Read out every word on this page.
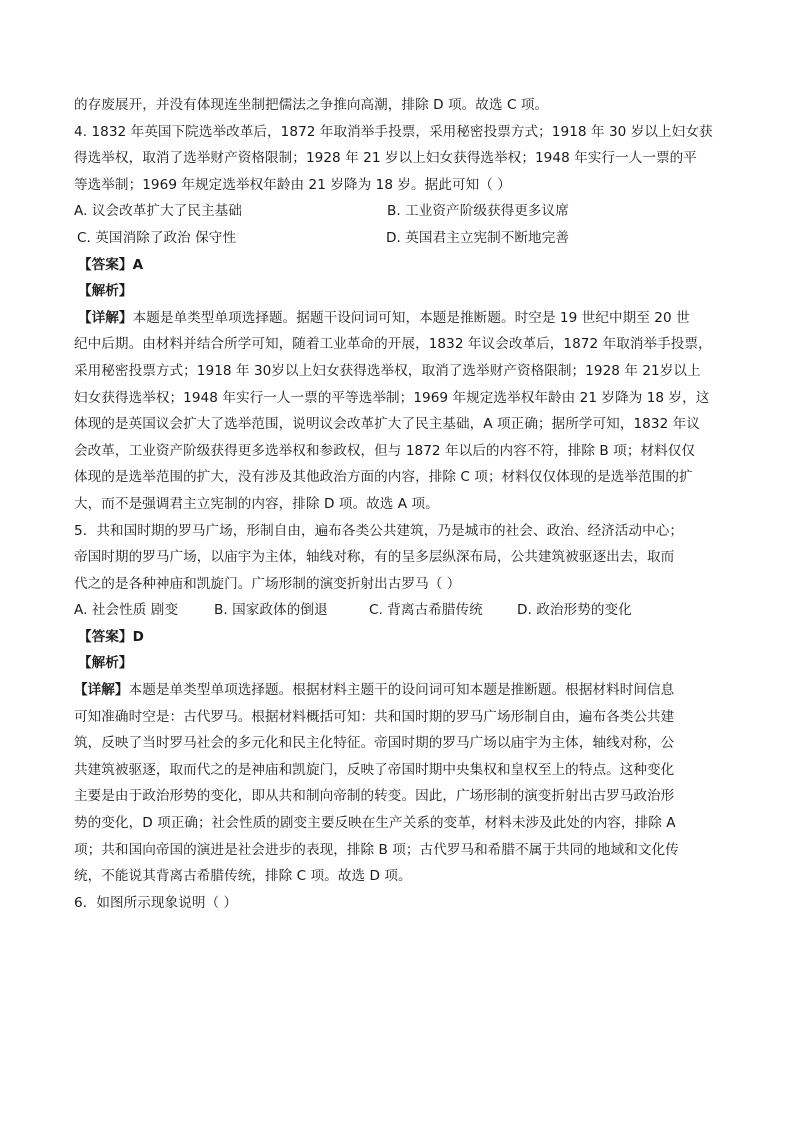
的存废展开，并没有体现连坐制把儒法之争推向高潮，排除 D 项。故选 C 项。
4. 1832 年英国下院选举改革后，1872 年取消举手投票，采用秘密投票方式；1918 年 30 岁以上妇女获
得选举权，取消了选举财产资格限制；1928 年 21 岁以上妇女获得选举权；1948 年实行一人一票的平
等选举制；1969 年规定选举权年龄由 21 岁降为 18 岁。据此可知（ ）
A. 议会改革扩大了民主基础	B. 工业资产阶级获得更多议席
C. 英国消除了政治 保守性	D. 英国君主立宪制不断地完善
【答案】A
【解析】
【详解】本题是单类型单项选择题。据题干设问词可知，本题是推断题。时空是 19 世纪中期至 20 世
纪中后期。由材料并结合所学可知，随着工业革命的开展，1832 年议会改革后，1872 年取消举手投票，
采用秘密投票方式；1918 年 30岁以上妇女获得选举权，取消了选举财产资格限制；1928 年 21岁以上
妇女获得选举权；1948 年实行一人一票的平等选举制；1969 年规定选举权年龄由 21 岁降为 18 岁，这
体现的是英国议会扩大了选举范围，说明议会改革扩大了民主基础，A 项正确；据所学可知，1832 年议
会改革，工业资产阶级获得更多选举权和参政权，但与 1872 年以后的内容不符，排除 B 项；材料仅仅
体现的是选举范围的扩大，没有涉及其他政治方面的内容，排除 C 项；材料仅仅体现的是选举范围的扩
大，而不是强调君主立宪制的内容，排除 D 项。故选 A 项。
5．共和国时期的罗马广场，形制自由，遍布各类公共建筑，乃是城市的社会、政治、经济活动中心；
帝国时期的罗马广场，以庙宇为主体，轴线对称，有的呈多层纵深布局，公共建筑被驱逐出去，取而
代之的是各种神庙和凯旋门。广场形制的演变折射出古罗马（ ）
A. 社会性质 剧变	B. 国家政体的倒退	C. 背离古希腊传统	D. 政治形势的变化
【答案】D
【解析】
【详解】本题是单类型单项选择题。根据材料主题干的设问词可知本题是推断题。根据材料时间信息
可知准确时空是：古代罗马。根据材料概括可知：共和国时期的罗马广场形制自由，遍布各类公共建
筑，反映了当时罗马社会的多元化和民主化特征。帝国时期的罗马广场以庙宇为主体，轴线对称，公
共建筑被驱逐，取而代之的是神庙和凯旋门，反映了帝国时期中央集权和皇权至上的特点。这种变化
主要是由于政治形势的变化，即从共和制向帝制的转变。因此，广场形制的演变折射出古罗马政治形
势的变化，D 项正确；社会性质的剧变主要反映在生产关系的变革，材料未涉及此处的内容，排除 A
项；共和国向帝国的演进是社会进步的表现，排除 B 项；古代罗马和希腊不属于共同的地域和文化传
统，不能说其背离古希腊传统，排除 C 项。故选 D 项。
6．如图所示现象说明（ ）
